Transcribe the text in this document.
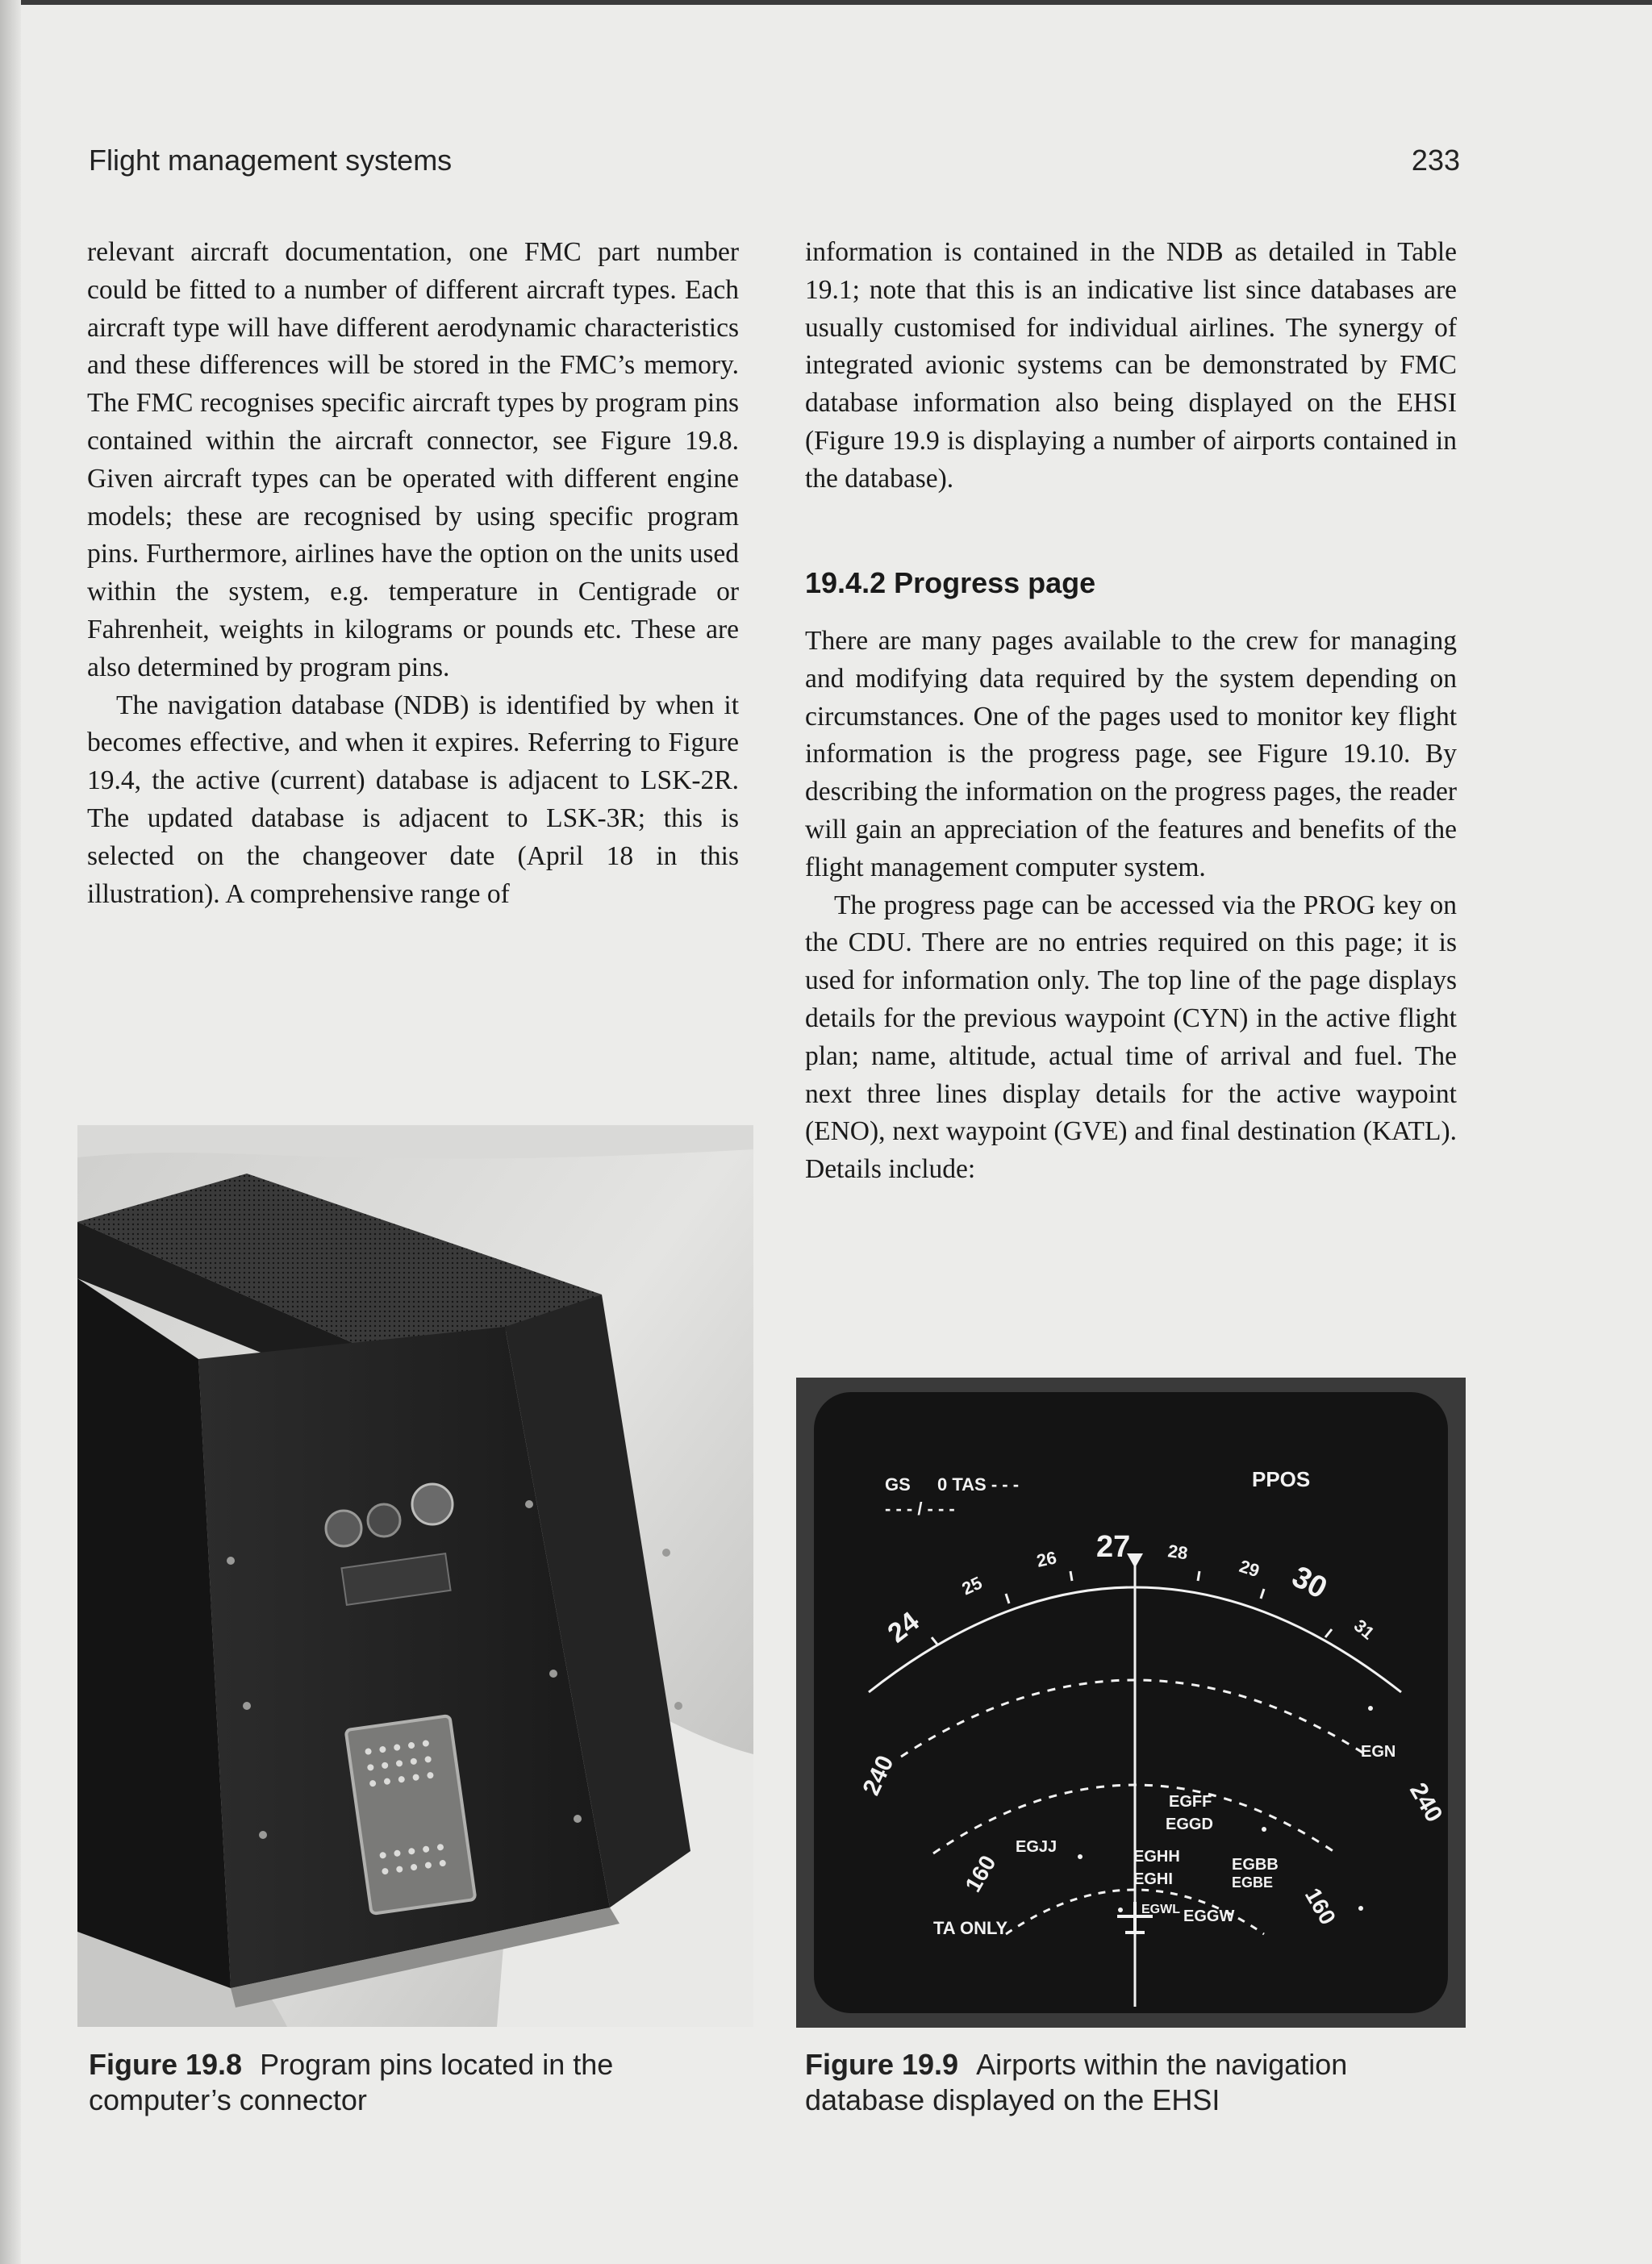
Flight management systems	233

relevant aircraft documentation, one FMC part number could be fitted to a number of different aircraft types. Each aircraft type will have different aerodynamic characteristics and these differences will be stored in the FMC’s memory. The FMC recognises specific aircraft types by program pins contained within the aircraft connector, see Figure 19.8. Given aircraft types can be operated with different engine models; these are recognised by using specific program pins. Furthermore, airlines have the option on the units used within the system, e.g. temperature in Centigrade or Fahrenheit, weights in kilograms or pounds etc. These are also determined by program pins.

The navigation database (NDB) is identified by when it becomes effective, and when it expires. Referring to Figure 19.4, the active (current) database is adjacent to LSK-2R. The updated database is adjacent to LSK-3R; this is selected on the changeover date (April 18 in this illustration). A comprehensive range of

information is contained in the NDB as detailed in Table 19.1; note that this is an indicative list since databases are usually customised for individual airlines. The synergy of integrated avionic systems can be demonstrated by FMC database information also being displayed on the EHSI (Figure 19.9 is displaying a number of airports contained in the database).

19.4.2 Progress page

There are many pages available to the crew for managing and modifying data required by the system depending on circumstances. One of the pages used to monitor key flight information is the progress page, see Figure 19.10. By describing the information on the progress pages, the reader will gain an appreciation of the features and benefits of the flight management computer system.

The progress page can be accessed via the PROG key on the CDU. There are no entries required on this page; it is used for information only. The top line of the page displays details for the previous waypoint (CYN) in the active flight plan; name, altitude, actual time of arrival and fuel. The next three lines display details for the active waypoint (ENO), next waypoint (GVE) and final destination (KATL). Details include:

Figure 19.8 Program pins located in the computer’s connector
GS 0 TAS - - -
- - - / - - -
PPOS
24
25
26 27 28
29 30
31
240
240
160
160
EGN
EGFF
EGGD
EGJJ
EGHH
EGHI
EGBB
EGBE
EGGW
EGWL
TA ONLY
Figure 19.9 Airports within the navigation database displayed on the EHSI
